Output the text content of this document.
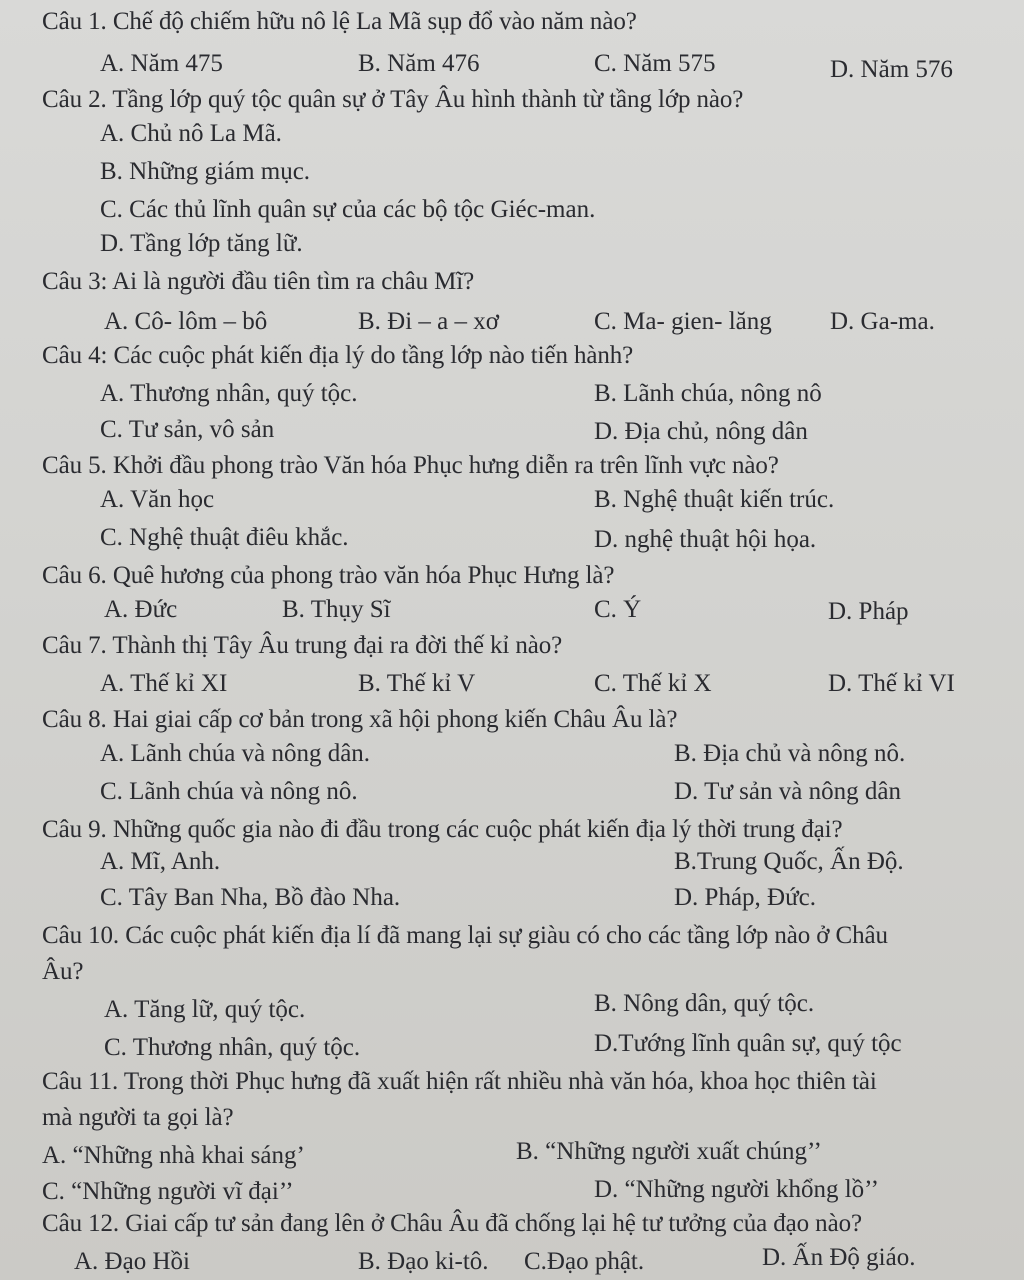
Câu 1. Chế độ chiếm hữu nô lệ La Mã sụp đổ vào năm nào?
A. Năm 475	B. Năm 476	C. Năm 575	D. Năm 576
Câu 2. Tầng lớp quý tộc quân sự ở Tây Âu hình thành từ tầng lớp nào?
A. Chủ nô La Mã.
B. Những giám mục.
C. Các thủ lĩnh quân sự của các bộ tộc Giéc-man.
D. Tầng lớp tăng lữ.
Câu 3: Ai là người đầu tiên tìm ra châu Mĩ?
A. Cô- lôm – bô	B. Đi – a – xơ	C. Ma- gien- lăng D. Ga-ma.
Câu 4: Các cuộc phát kiến địa lý do tầng lớp nào tiến hành?
A. Thương nhân, quý tộc.	B. Lãnh chúa, nông nô
C. Tư sản, vô sản	D. Địa chủ, nông dân
Câu 5. Khởi đầu phong trào Văn hóa Phục hưng diễn ra trên lĩnh vực nào?
A. Văn học	B. Nghệ thuật kiến trúc.
C. Nghệ thuật điêu khắc.	D. nghệ thuật hội họa.
Câu 6. Quê hương của phong trào văn hóa Phục Hưng là?
A. Đức	B. Thụy Sĩ	C. Ý	D. Pháp
Câu 7. Thành thị Tây Âu trung đại ra đời thế kỉ nào?
A. Thế kỉ XI	B. Thế kỉ V	C. Thế kỉ X	D. Thế kỉ VI
Câu 8. Hai giai cấp cơ bản trong xã hội phong kiến Châu Âu là?
A. Lãnh chúa và nông dân.	B. Địa chủ và nông nô.
C. Lãnh chúa và nông nô.	D. Tư sản và nông dân
Câu 9. Những quốc gia nào đi đầu trong các cuộc phát kiến địa lý thời trung đại?
A. Mĩ, Anh.	B.Trung Quốc, Ấn Độ.
C. Tây Ban Nha, Bồ đào Nha.	D. Pháp, Đức.
Câu 10. Các cuộc phát kiến địa lí đã mang lại sự giàu có cho các tầng lớp nào ở Châu
Âu?
A. Tăng lữ, quý tộc.	B. Nông dân, quý tộc.
C. Thương nhân, quý tộc.	D.Tướng lĩnh quân sự, quý tộc
Câu 11. Trong thời Phục hưng đã xuất hiện rất nhiều nhà văn hóa, khoa học thiên tài
mà người ta gọi là?
A. “Những nhà khai sáng’	B. “Những người xuất chúng’’
C. “Những người vĩ đại’’	D. “Những người khổng lồ’’
Câu 12. Giai cấp tư sản đang lên ở Châu Âu đã chống lại hệ tư tưởng của đạo nào?
A. Đạo Hồi	B. Đạo ki-tô. C.Đạo phật.	D. Ấn Độ giáo.
